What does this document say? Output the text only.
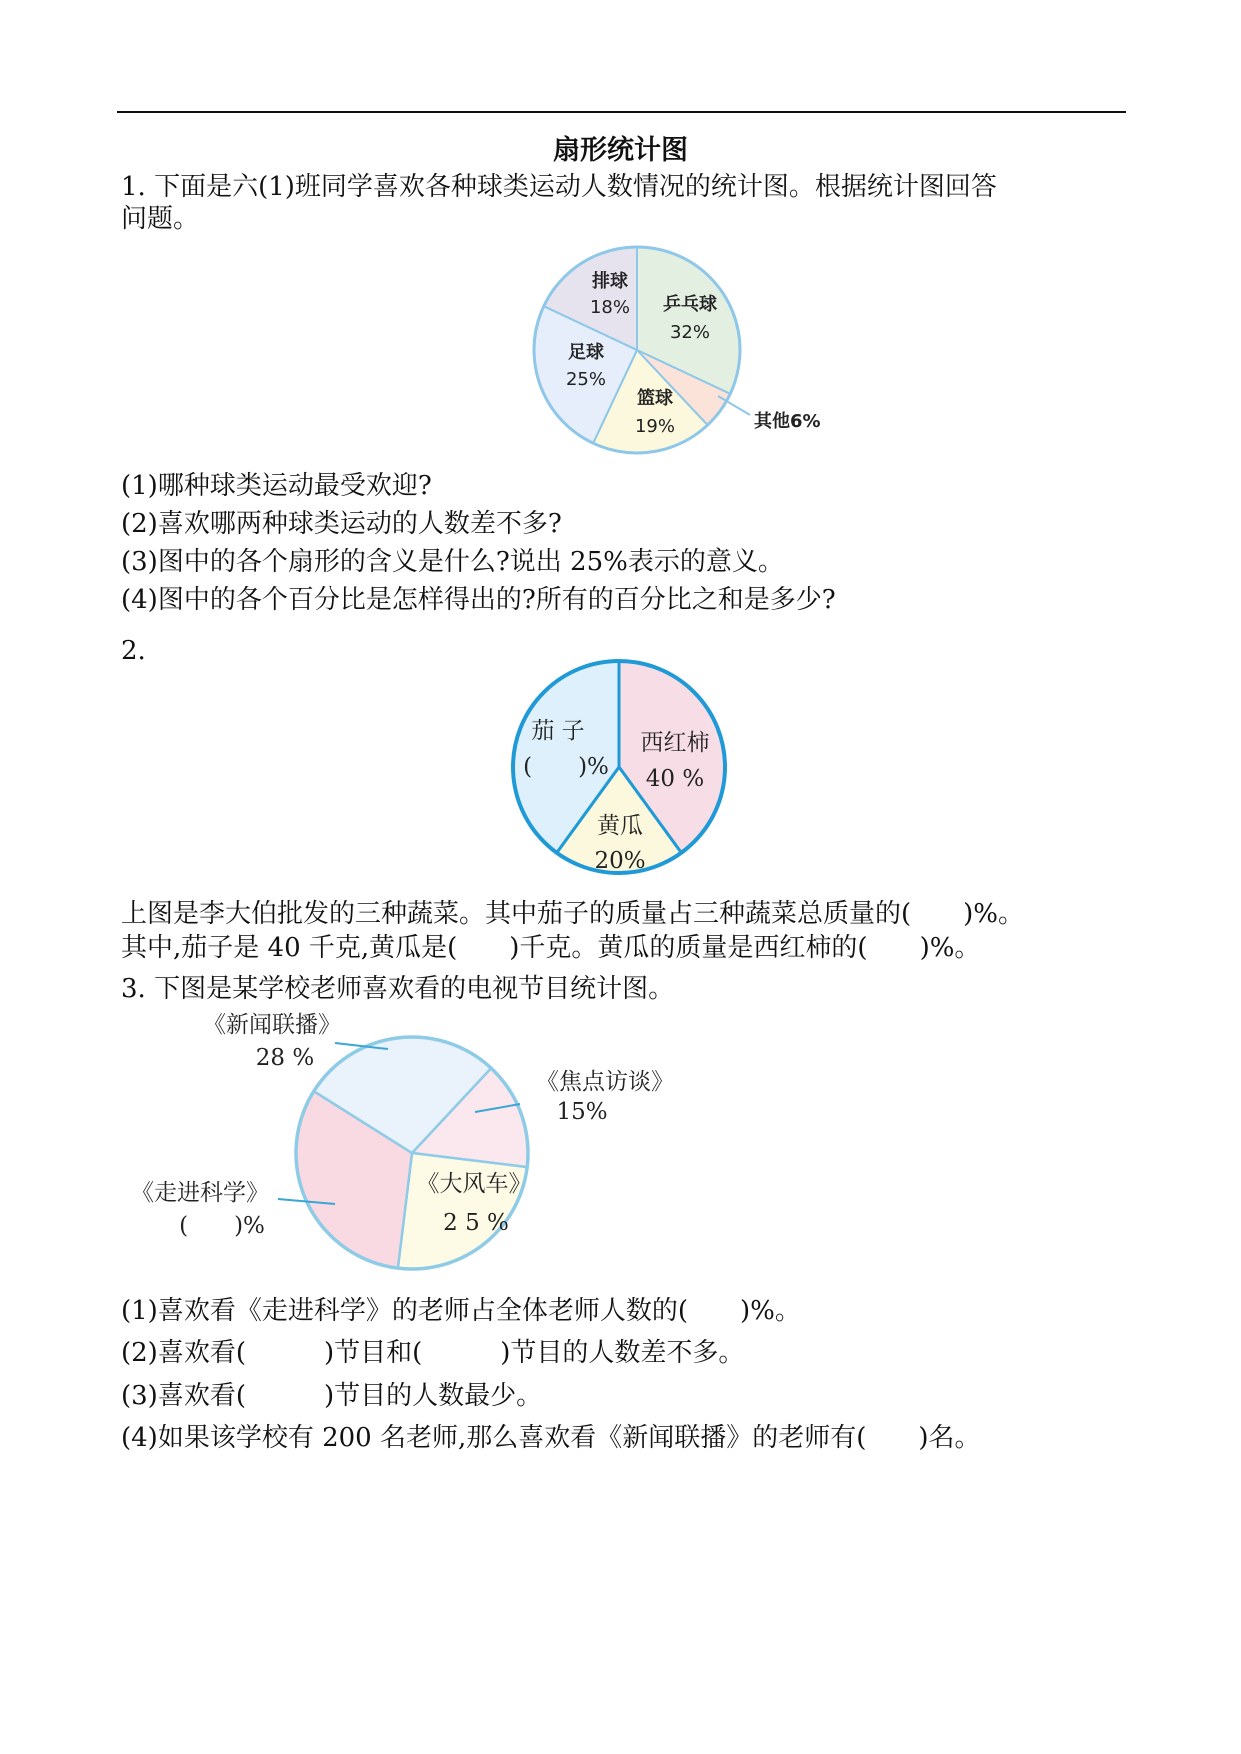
扇形统计图
1. 下面是六(1)班同学喜欢各种球类运动人数情况的统计图。根据统计图回答
问题。
排球
18% 乒乓球
32%
足球
25%
篮球
19%	其他6%
(1)哪种球类运动最受欢迎?
(2)喜欢哪两种球类运动的人数差不多?
(3)图中的各个扇形的含义是什么?说出 25%表示的意义。
(4)图中的各个百分比是怎样得出的?所有的百分比之和是多少?
2.
茄 子
(　　)%
西红柿
40 %
黄瓜
20%
上图是李大伯批发的三种蔬菜。其中茄子的质量占三种蔬菜总质量的(　　)%。
其中,茄子是 40 千克,黄瓜是(　　)千克。黄瓜的质量是西红柿的(　　)%。
3. 下图是某学校老师喜欢看的电视节目统计图。
《新闻联播》
28 %
《焦点访谈》
15%
《大风车》
2 5 %
《走进科学》
(　　)%
(1)喜欢看《走进科学》的老师占全体老师人数的(　　)%。
(2)喜欢看(　　　)节目和(　　　)节目的人数差不多。
(3)喜欢看(　　　)节目的人数最少。
(4)如果该学校有 200 名老师,那么喜欢看《新闻联播》的老师有(　　)名。
